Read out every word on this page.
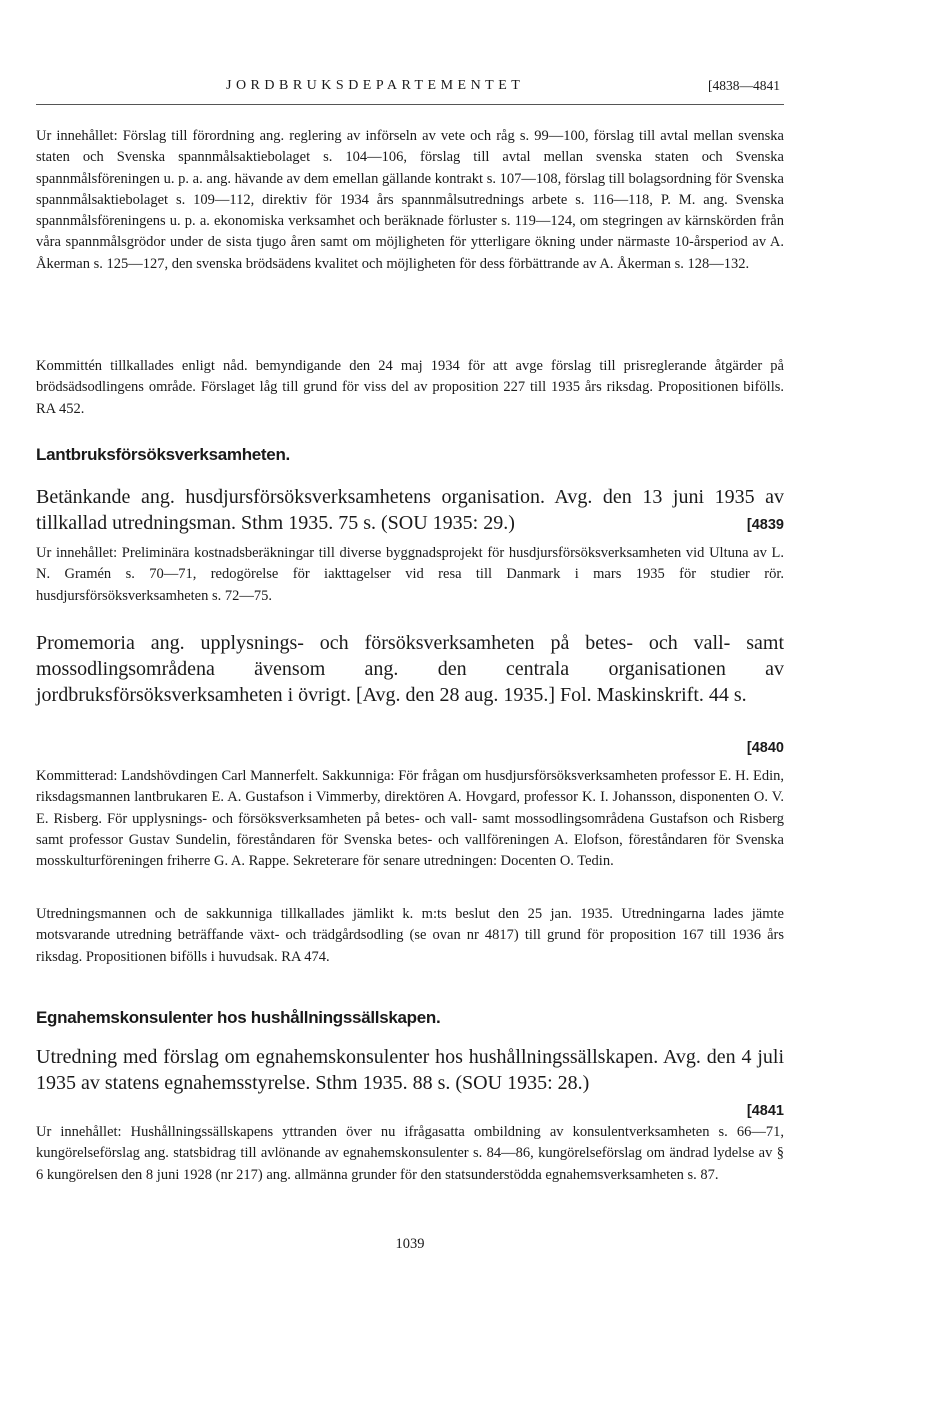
JORDBRUKSDEPARTEMENTET	[4838—4841
Ur innehållet: Förslag till förordning ang. reglering av införseln av vete och råg s. 99—100, förslag till avtal mellan svenska staten och Svenska spannmålsaktiebolaget s. 104—106, förslag till avtal mellan svenska staten och Svenska spannmålsföreningen u. p. a. ang. hävande av dem emellan gällande kontrakt s. 107—108, förslag till bolagsordning för Svenska spannmålsaktiebolaget s. 109—112, direktiv för 1934 års spannmålsutrednings arbete s. 116—118, P. M. ang. Svenska spannmålsföreningens u. p. a. ekonomiska verksamhet och beräknade förluster s. 119—124, om stegringen av kärnskörden från våra spannmålsgrödor under de sista tjugo åren samt om möjligheten för ytterligare ökning under närmaste 10-årsperiod av A. Åkerman s. 125—127, den svenska brödsädens kvalitet och möjligheten för dess förbättrande av A. Åkerman s. 128—132.
Kommittén tillkallades enligt nåd. bemyndigande den 24 maj 1934 för att avge förslag till prisreglerande åtgärder på brödsädsodlingens område. Förslaget låg till grund för viss del av proposition 227 till 1935 års riksdag. Propositionen bifölls. RA 452.
Lantbruksförsöksverksamheten.
Betänkande ang. husdjursförsöksverksamhetens organisation. Avg. den 13 juni 1935 av tillkallad utredningsman. Sthm 1935. 75 s. (SOU 1935: 29.)	[4839
Ur innehållet: Preliminära kostnadsberäkningar till diverse byggnadsprojekt för husdjursförsöksverksamheten vid Ultuna av L. N. Gramén s. 70—71, redogörelse för iakttagelser vid resa till Danmark i mars 1935 för studier rör. husdjursförsöksverksamheten s. 72—75.
Promemoria ang. upplysnings- och försöksverksamheten på betes- och vall- samt mossodlingsområdena ävensom ang. den centrala organisationen av jordbruksförsöksverksamheten i övrigt. [Avg. den 28 aug. 1935.] Fol. Maskinskrift. 44 s.
[4840
Kommitterad: Landshövdingen Carl Mannerfelt. Sakkunniga: För frågan om husdjursförsöksverksamheten professor E. H. Edin, riksdagsmannen lantbrukaren E. A. Gustafson i Vimmerby, direktören A. Hovgard, professor K. I. Johansson, disponenten O. V. E. Risberg. För upplysnings- och försöksverksamheten på betes- och vall- samt mossodlingsområdena Gustafson och Risberg samt professor Gustav Sundelin, föreståndaren för Svenska betes- och vallföreningen A. Elofson, föreståndaren för Svenska mosskulturföreningen friherre G. A. Rappe. Sekreterare för senare utredningen: Docenten O. Tedin.
Utredningsmannen och de sakkunniga tillkallades jämlikt k. m:ts beslut den 25 jan. 1935. Utredningarna lades jämte motsvarande utredning beträffande växt- och trädgårdsodling (se ovan nr 4817) till grund för proposition 167 till 1936 års riksdag. Propositionen bifölls i huvudsak. RA 474.
Egnahemskonsulenter hos hushållningssällskapen.
Utredning med förslag om egnahemskonsulenter hos hushållningssällskapen. Avg. den 4 juli 1935 av statens egnahemsstyrelse. Sthm 1935. 88 s. (SOU 1935: 28.)
[4841
Ur innehållet: Hushållningssällskapens yttranden över nu ifrågasatta ombildning av konsulentverksamheten s. 66—71, kungörelseförslag ang. statsbidrag till avlönande av egnahemskonsulenter s. 84—86, kungörelseförslag om ändrad lydelse av § 6 kungörelsen den 8 juni 1928 (nr 217) ang. allmänna grunder för den statsunderstödda egnahemsverksamheten s. 87.
1039
